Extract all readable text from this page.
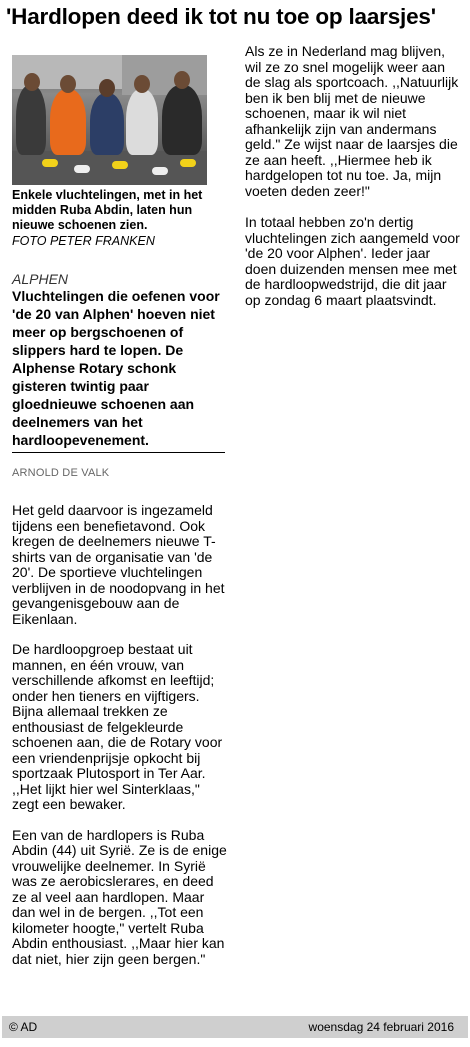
'Hardlopen deed ik tot nu toe op laarsjes'
Enkele vluchtelingen, met in het midden Ruba Abdin, laten hun nieuwe schoenen zien.
FOTO PETER FRANKEN
ALPHEN
Vluchtelingen die oefenen voor 'de 20 van Alphen' hoeven niet meer op bergschoenen of slippers hard te lopen. De Alphense Rotary schonk gisteren twintig paar gloednieuwe schoenen aan deelnemers van het hardloopevenement.
ARNOLD DE VALK

Het geld daarvoor is ingezameld tijdens een benefietavond. Ook kregen de deelnemers nieuwe T-shirts van de organisatie van 'de 20'. De sportieve vluchtelingen verblijven in de noodopvang in het gevangenisgebouw aan de Eikenlaan.

De hardloopgroep bestaat uit mannen, en één vrouw, van verschillende afkomst en leeftijd; onder hen tieners en vijftigers. Bijna allemaal trekken ze enthousiast de felgekleurde schoenen aan, die de Rotary voor een vriendenprijsje opkocht bij sportzaak Plutosport in Ter Aar. ,,Het lijkt hier wel Sinterklaas," zegt een bewaker.

Een van de hardlopers is Ruba Abdin (44) uit Syrië. Ze is de enige vrouwelijke deelnemer. In Syrië was ze aerobicslerares, en deed ze al veel aan hardlopen. Maar dan wel in de bergen. ,,Tot een kilometer hoogte," vertelt Ruba Abdin enthousiast. ,,Maar hier kan dat niet, hier zijn geen bergen."

Als ze in Nederland mag blijven, wil ze zo snel mogelijk weer aan de slag als sportcoach. ,,Natuurlijk ben ik ben blij met de nieuwe schoenen, maar ik wil niet afhankelijk zijn van andermans geld." Ze wijst naar de laarsjes die ze aan heeft. ,,Hiermee heb ik hardgelopen tot nu toe. Ja, mijn voeten deden zeer!"

In totaal hebben zo'n dertig vluchtelingen zich aangemeld voor 'de 20 voor Alphen'. Ieder jaar doen duizenden mensen mee met de hardloopwedstrijd, die dit jaar op zondag 6 maart plaatsvindt.

© AD	woensdag 24 februari 2016
